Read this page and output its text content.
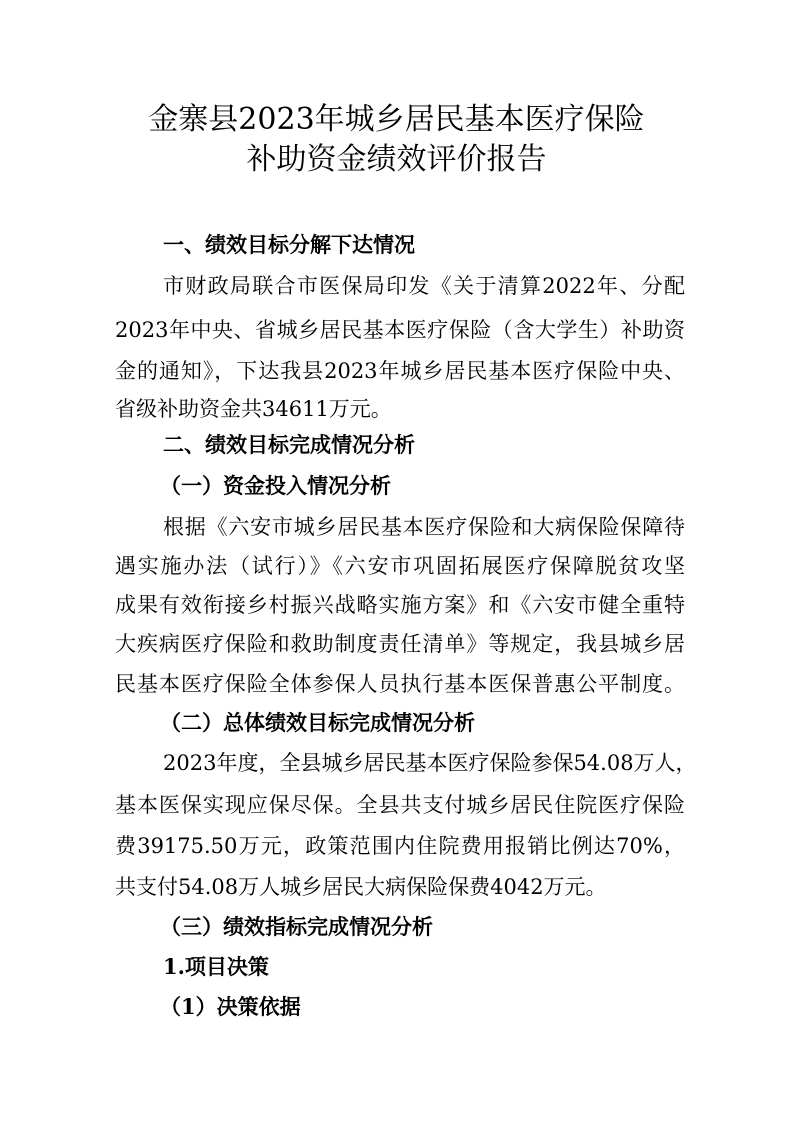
金寨县2023年城乡居民基本医疗保险
补助资金绩效评价报告
一、绩效目标分解下达情况
市财政局联合市医保局印发《关于清算2022年、分配
2023年中央、省城乡居民基本医疗保险（含大学生）补助资
金的通知》，下达我县2023年城乡居民基本医疗保险中央、
省级补助资金共34611万元。
二、绩效目标完成情况分析
（一）资金投入情况分析
根据《六安市城乡居民基本医疗保险和大病保险保障待
遇实施办法（试行）》《六安市巩固拓展医疗保障脱贫攻坚
成果有效衔接乡村振兴战略实施方案》和《六安市健全重特
大疾病医疗保险和救助制度责任清单》等规定，我县城乡居
民基本医疗保险全体参保人员执行基本医保普惠公平制度。
（二）总体绩效目标完成情况分析
2023年度，全县城乡居民基本医疗保险参保54.08万人，
基本医保实现应保尽保。全县共支付城乡居民住院医疗保险
费39175.50万元，政策范围内住院费用报销比例达70%，
共支付54.08万人城乡居民大病保险保费4042万元。
（三）绩效指标完成情况分析
1.项目决策
（1）决策依据
